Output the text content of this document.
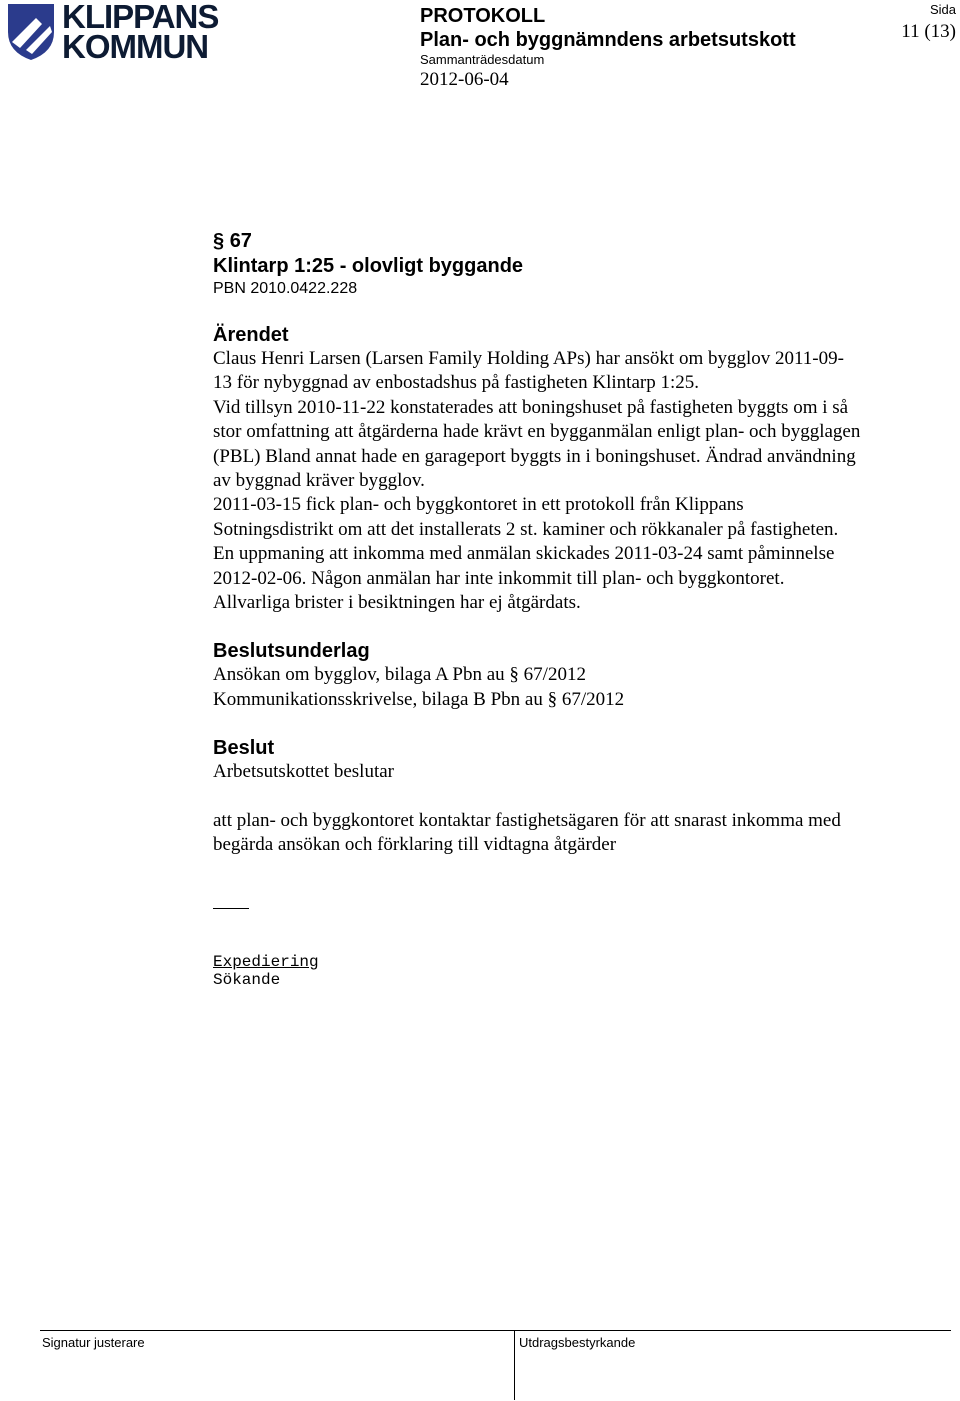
KLIPPANS
KOMMUN
PROTOKOLL
Plan- och byggnämndens arbetsutskott
Sammanträdesdatum
2012-06-04
Sida
11 (13)
§ 67
Klintarp 1:25 - olovligt byggande
PBN 2010.0422.228
Ärendet
Claus Henri Larsen (Larsen Family Holding APs) har ansökt om bygglov 2011-09-
13 för nybyggnad av enbostadshus på fastigheten Klintarp 1:25.
Vid tillsyn 2010-11-22 konstaterades att boningshuset på fastigheten byggts om i så
stor omfattning att åtgärderna hade krävt en bygganmälan enligt plan- och bygglagen
(PBL) Bland annat hade en garageport byggts in i boningshuset. Ändrad användning
av byggnad kräver bygglov.
2011-03-15 fick plan- och byggkontoret in ett protokoll från Klippans
Sotningsdistrikt om att det installerats 2 st. kaminer och rökkanaler på fastigheten.
En uppmaning att inkomma med anmälan skickades 2011-03-24 samt påminnelse
2012-02-06. Någon anmälan har inte inkommit till plan- och byggkontoret.
Allvarliga brister i besiktningen har ej åtgärdats.
Beslutsunderlag
Ansökan om bygglov, bilaga A Pbn au § 67/2012
Kommunikationsskrivelse, bilaga B Pbn au § 67/2012
Beslut
Arbetsutskottet beslutar
att plan- och byggkontoret kontaktar fastighetsägaren för att snarast inkomma med
begärda ansökan och förklaring till vidtagna åtgärder
Expediering
Sökande
Signatur justerare	Utdragsbestyrkande
